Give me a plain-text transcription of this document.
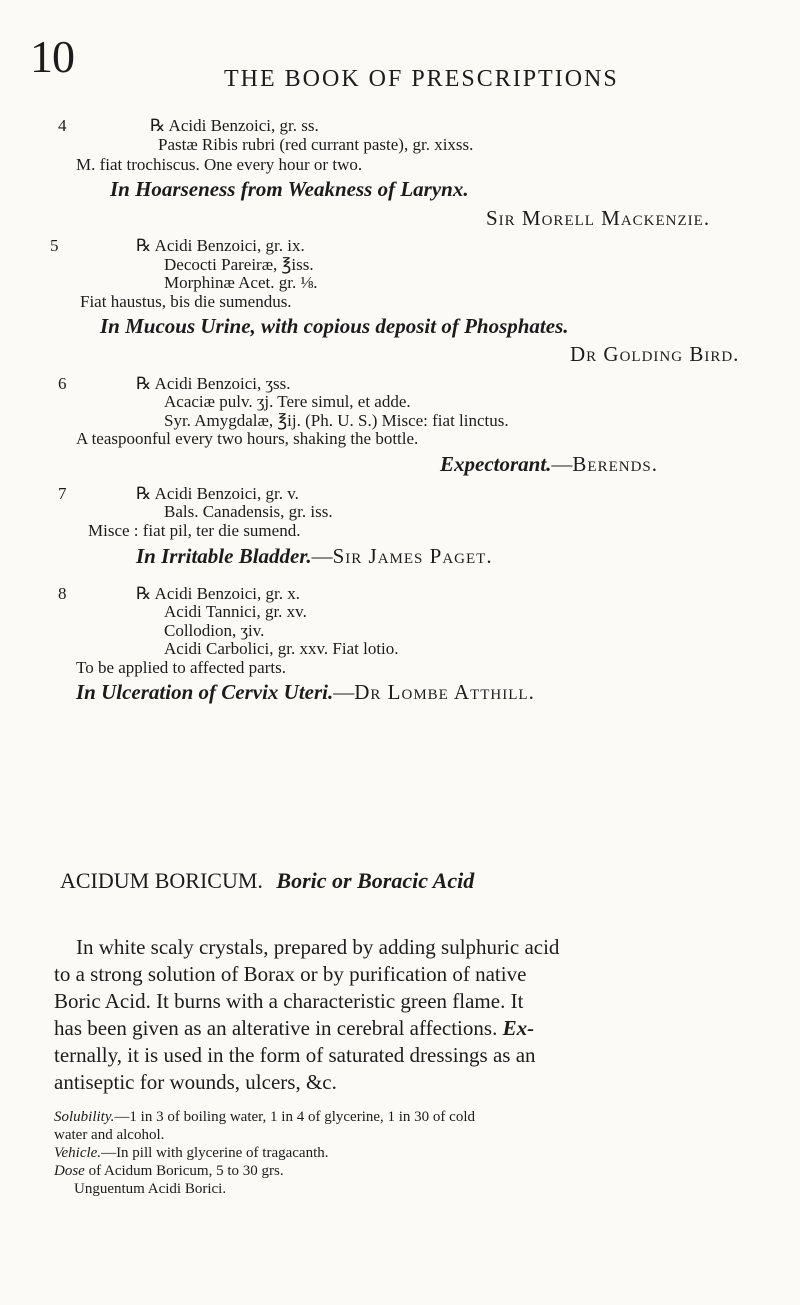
10	THE BOOK OF PRESCRIPTIONS
4	℞ Acidi Benzoici, gr. ss.
Pastæ Ribis rubri (red currant paste), gr. xixss.
M. fiat trochiscus. One every hour or two.
In Hoarseness from Weakness of Larynx.
Sir Morell Mackenzie.
5	℞ Acidi Benzoici, gr. ix.
Decocti Pareiræ, ℥iss.
Morphinæ Acet. gr. ⅛.
Fiat haustus, bis die sumendus.
In Mucous Urine, with copious deposit of Phosphates.
Dr Golding Bird.
6	℞ Acidi Benzoici, ʒss.
Acaciæ pulv. ʒj. Tere simul, et adde.
Syr. Amygdalæ, ℥ij. (Ph. U. S.) Misce: fiat linctus.
A teaspoonful every two hours, shaking the bottle.
Expectorant.—Berends.
7	℞ Acidi Benzoici, gr. v.
Bals. Canadensis, gr. iss.
Misce : fiat pil, ter die sumend.
In Irritable Bladder.—Sir James Paget.
8	℞ Acidi Benzoici, gr. x.
Acidi Tannici, gr. xv.
Collodion, ʒiv.
Acidi Carbolici, gr. xxv. Fiat lotio.
To be applied to affected parts.
In Ulceration of Cervix Uteri.—Dr Lombe Atthill.
ACIDUM BORICUM. Boric or Boracic Acid
In white scaly crystals, prepared by adding sulphuric acid
to a strong solution of Borax or by purification of native
Boric Acid. It burns with a characteristic green flame. It
has been given as an alterative in cerebral affections. Ex-
ternally, it is used in the form of saturated dressings as an
antiseptic for wounds, ulcers, &c.
Solubility.—1 in 3 of boiling water, 1 in 4 of glycerine, 1 in 30 of cold
water and alcohol.
Vehicle.—In pill with glycerine of tragacanth.
Dose of Acidum Boricum, 5 to 30 grs.
Unguentum Acidi Borici.
